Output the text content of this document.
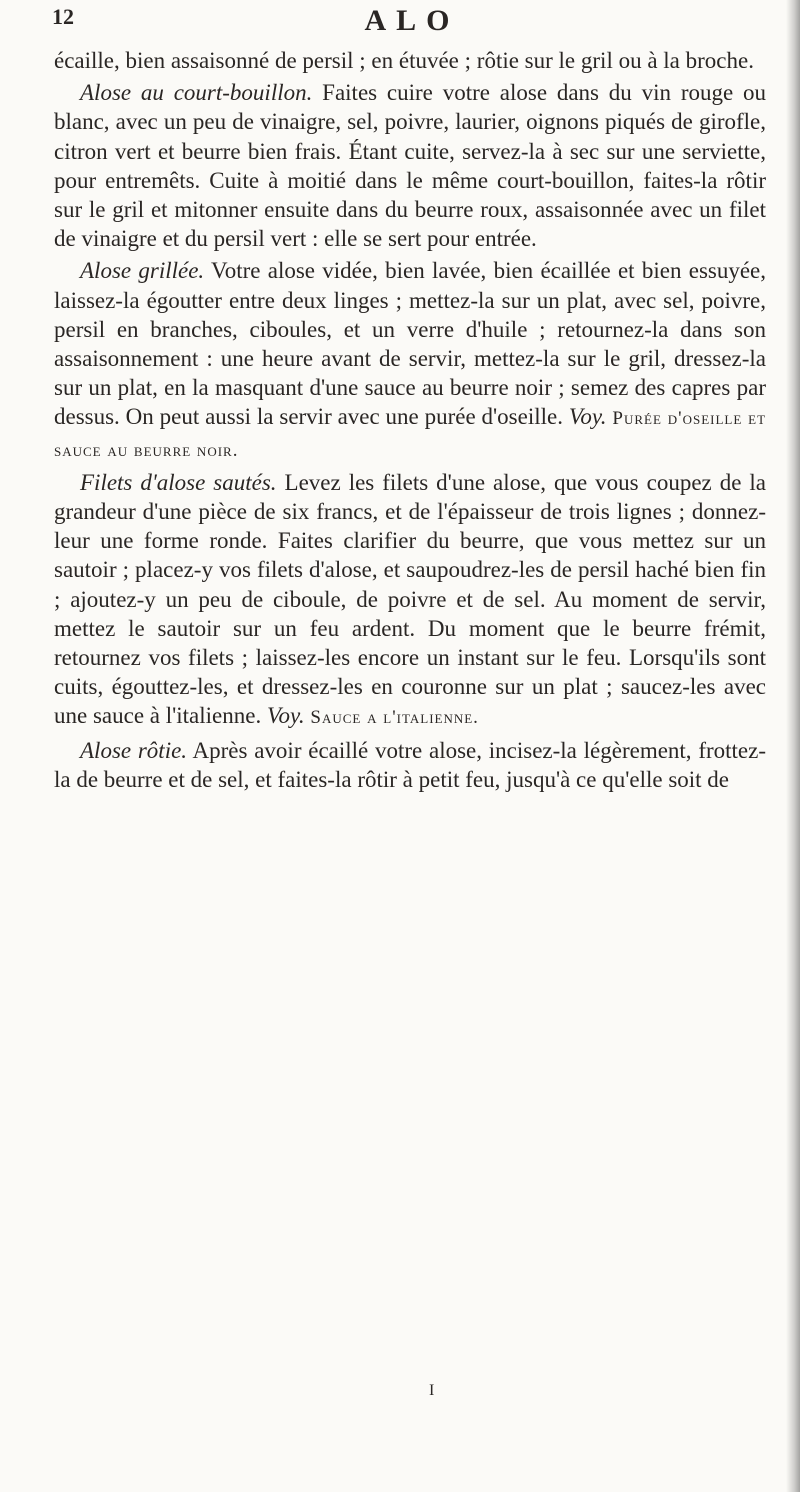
12	ALO

écaille, bien assaisonné de persil ; en étuvée ; rôtie sur le gril ou à la broche.

Alose au court-bouillon. Faites cuire votre alose dans du vin rouge ou blanc, avec un peu de vinaigre, sel, poivre, laurier, oignons piqués de girofle, citron vert et beurre bien frais. Étant cuite, servez-la à sec sur une serviette, pour entremêts. Cuite à moitié dans le même court-bouillon, faites-la rôtir sur le gril et mitonner ensuite dans du beurre roux, assaisonnée avec un filet de vinaigre et du persil vert : elle se sert pour entrée.

Alose grillée. Votre alose vidée, bien lavée, bien écaillée et bien essuyée, laissez-la égoutter entre deux linges ; mettez-la sur un plat, avec sel, poivre, persil en branches, ciboules, et un verre d'huile ; retournez-la dans son assaisonnement : une heure avant de servir, mettez-la sur le gril, dressez-la sur un plat, en la masquant d'une sauce au beurre noir ; semez des capres par dessus. On peut aussi la servir avec une purée d'oseille. Voy. Purée d'oseille et sauce au beurre noir.

Filets d'alose sautés. Levez les filets d'une alose, que vous coupez de la grandeur d'une pièce de six francs, et de l'épaisseur de trois lignes ; donnez-leur une forme ronde. Faites clarifier du beurre, que vous mettez sur un sautoir ; placez-y vos filets d'alose, et saupoudrez-les de persil haché bien fin ; ajoutez-y un peu de ciboule, de poivre et de sel. Au moment de servir, mettez le sautoir sur un feu ardent. Du moment que le beurre frémit, retournez vos filets ; laissez-les encore un instant sur le feu. Lorsqu'ils sont cuits, égouttez-les, et dressez-les en couronne sur un plat ; saucez-les avec une sauce à l'italienne. Voy. Sauce a l'italienne.

Alose rôtie. Après avoir écaillé votre alose, incisez-la légèrement, frottez-la de beurre et de sel, et faites-la rôtir à petit feu, jusqu'à ce qu'elle soit de

I
